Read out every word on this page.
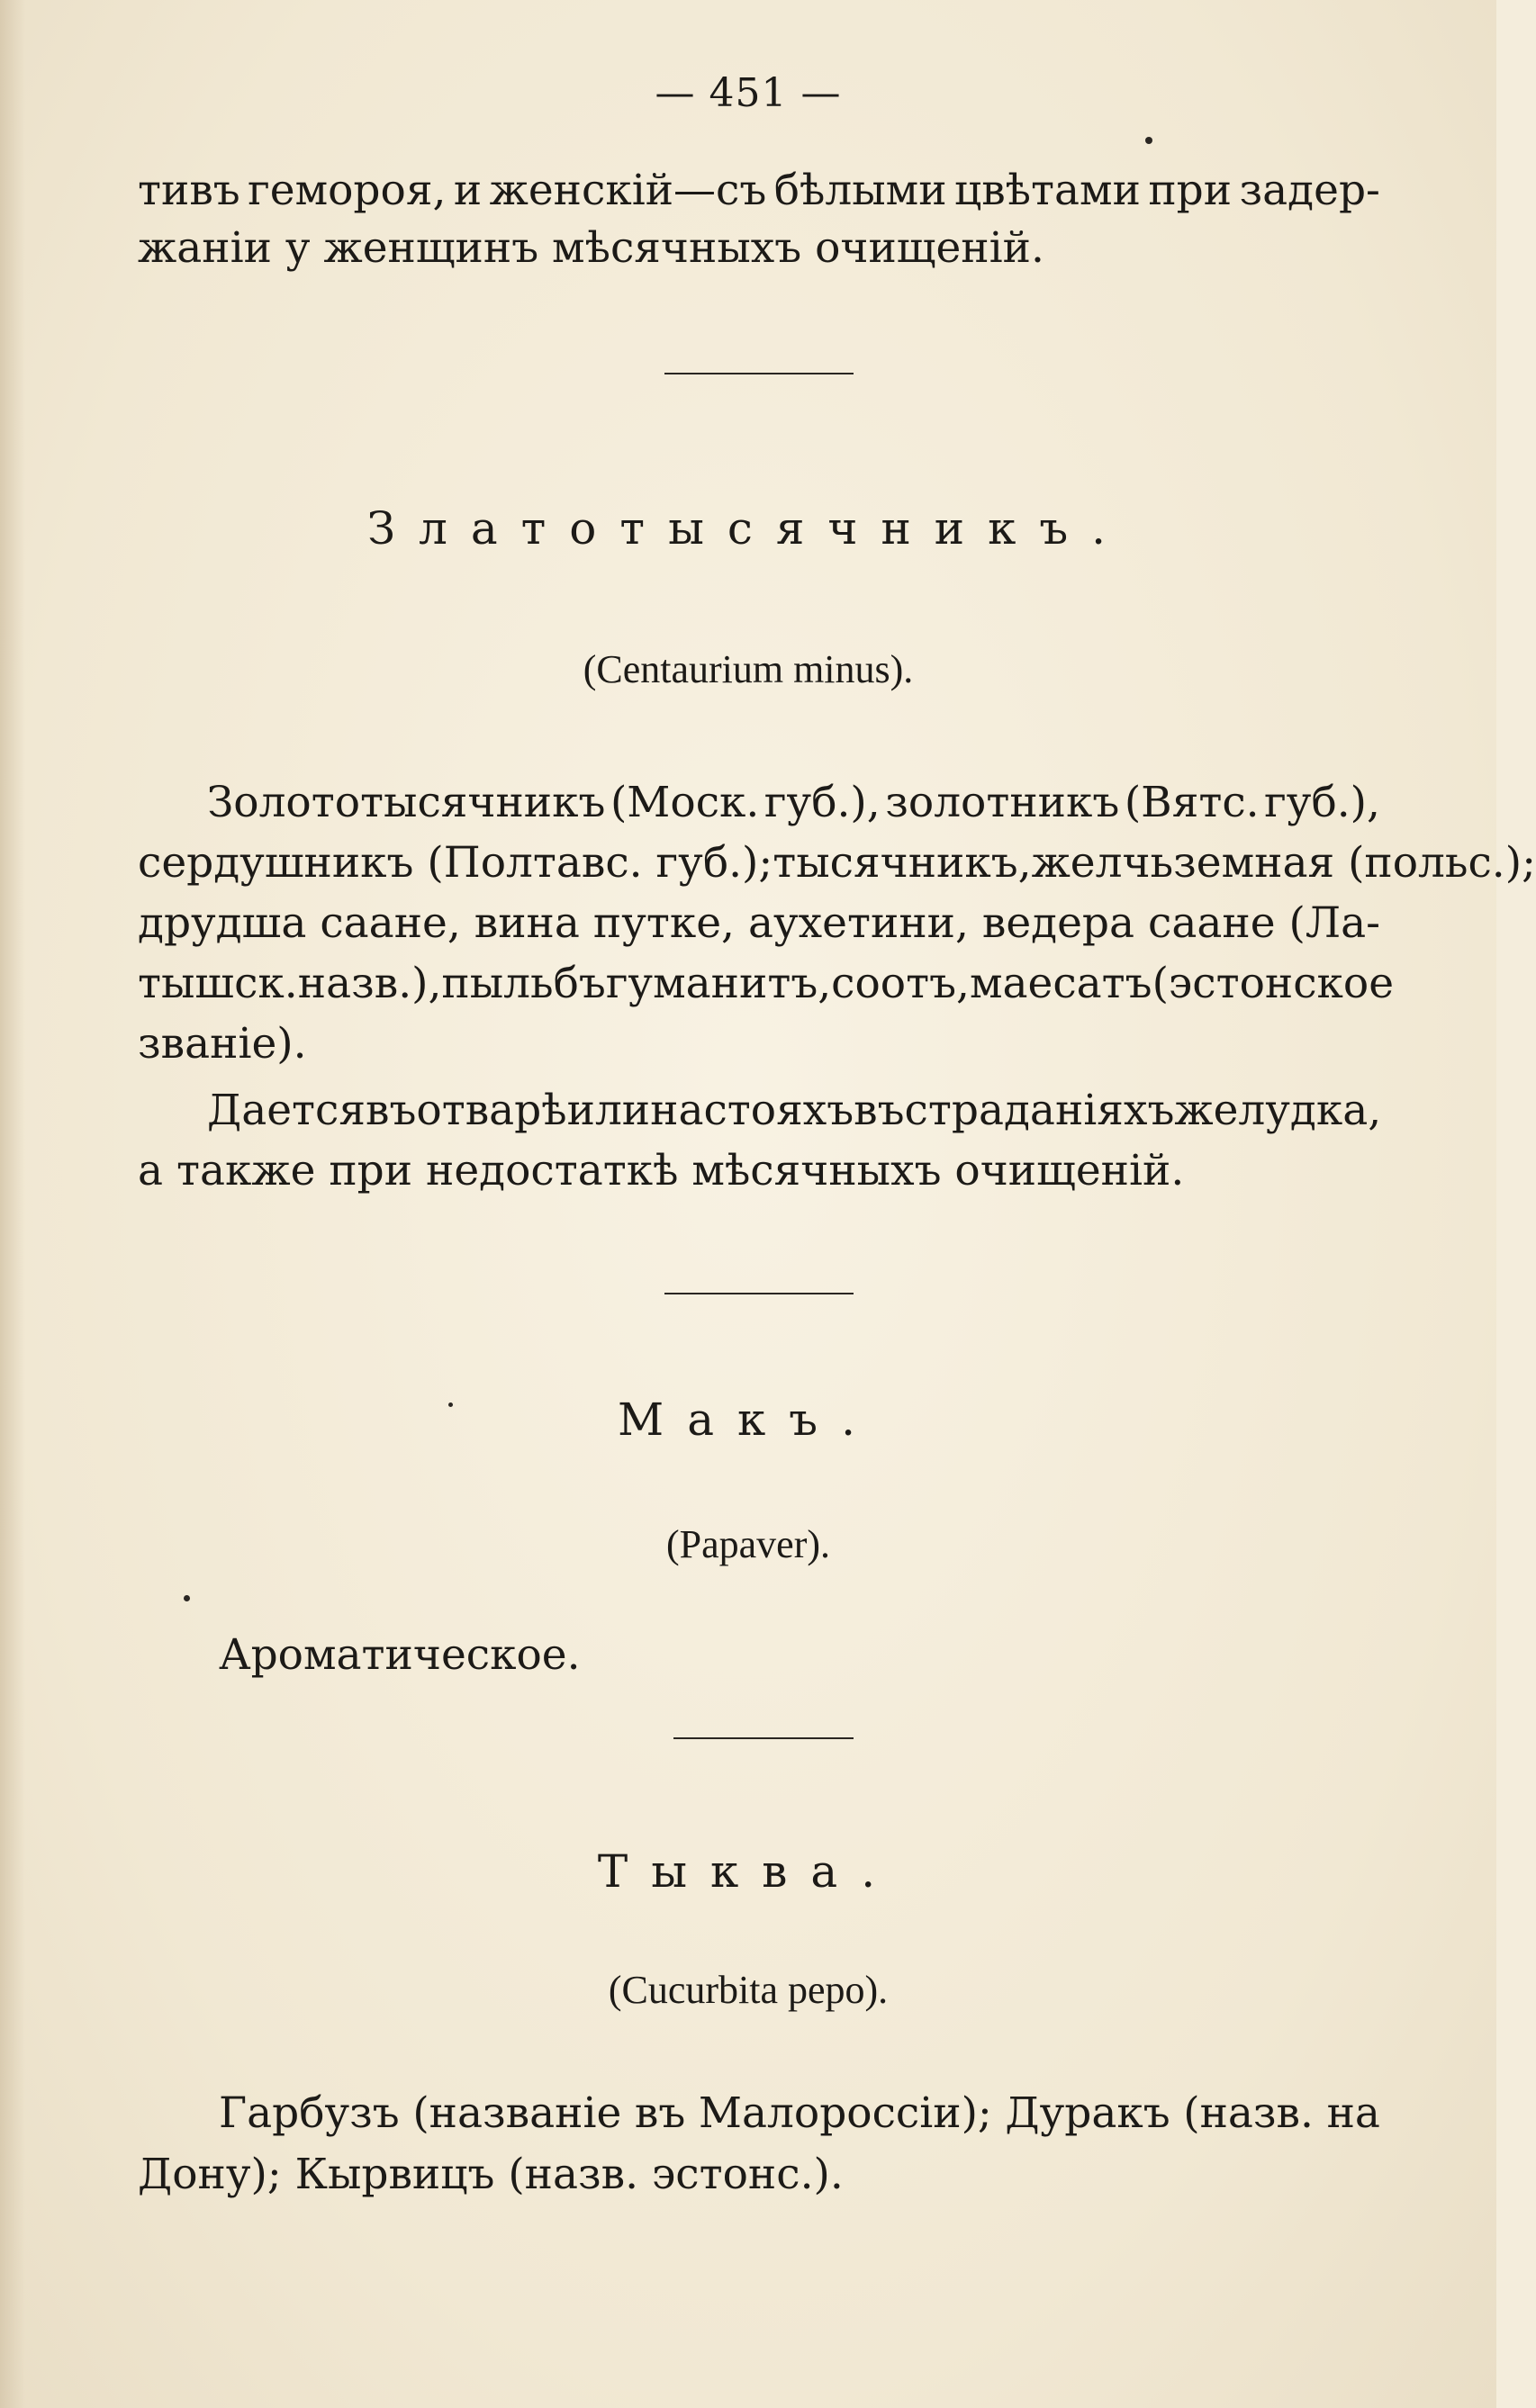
— 451 —
тивъ гемороя, и женскій—съ бѣлыми цвѣтами при задер-
жаніи у женщинъ мѣсячныхъ очищеній.
Златотысячникъ.
(Centaurium minus).
Золототысячникъ (Моск. губ.), золотникъ (Вятс. губ.),
сердушникъ (Полтавс. губ.); тысячникъ, желчь земная (польс.);
друдша саане, вина путке, аухетини, ведера саане (Ла-
тышск. назв.), пыльбъ гуманитъ, соотъ, маесатъ (эстонское
званіе).
Дается въ отварѣ или настояхъ въ страданіяхъ желудка,
а также при недостаткѣ мѣсячныхъ очищеній.
Макъ.
(Papaver).
Ароматическое.
Тыква.
(Cucurbita pepo).
Гарбузъ (названіе въ Малороссіи); Дуракъ (назв. на
Дону); Кырвицъ (назв. эстонс.).
